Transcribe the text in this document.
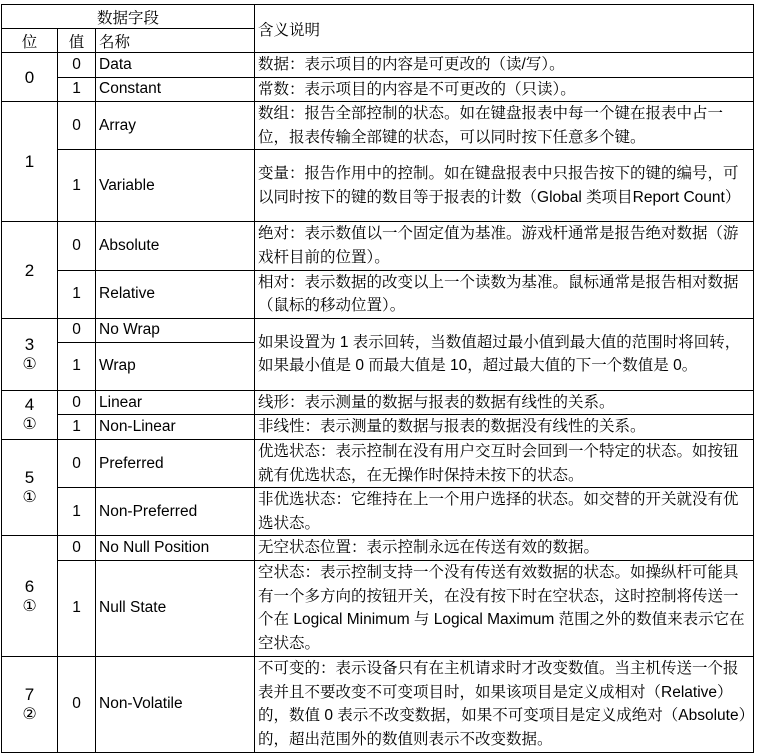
数据字段			含义说明
位	值	名称	

0	0	Data	数据：表示项目的内容是可更改的（读/写）。
	1	Constant	常数：表示项目的内容是不可更改的（只读）。

1	0	Array	数组：报告全部控制的状态。如在键盘报表中每一个键在报表中占一位，报表传输全部键的状态，可以同时按下任意多个键。
	1	Variable	变量：报告作用中的控制。如在键盘报表中只报告按下的键的编号，可以同时按下的键的数目等于报表的计数（Global 类项目Report Count）

2	0	Absolute	绝对：表示数值以一个固定值为基准。游戏杆通常是报告绝对数据（游戏杆目前的位置）。
	1	Relative	相对：表示数据的改变以上一个读数为基准。鼠标通常是报告相对数据（鼠标的移动位置）。

3
①	0	No Wrap	如果设置为 1 表示回转，当数值超过最小值到最大值的范围时将回转，如果最小值是 0 而最大值是 10，超过最大值的下一个数值是 0。
	1	Wrap	

4
①	0	Linear	线形：表示测量的数据与报表的数据有线性的关系。
	1	Non-Linear	非线性：表示测量的数据与报表的数据没有线性的关系。

5
①	0	Preferred	优选状态：表示控制在没有用户交互时会回到一个特定的状态。如按钮就有优选状态，在无操作时保持未按下的状态。
	1	Non-Preferred	非优选状态：它维持在上一个用户选择的状态。如交替的开关就没有优选状态。

6
①	0	No Null Position	无空状态位置：表示控制永远在传送有效的数据。
	1	Null State	空状态：表示控制支持一个没有传送有效数据的状态。如操纵杆可能具有一个多方向的按钮开关，在没有按下时在空状态，这时控制将传送一个在 Logical Minimum 与 Logical Maximum 范围之外的数值来表示它在空状态。

7
②	0	Non-Volatile	不可变的：表示设备只有在主机请求时才改变数值。当主机传送一个报表并且不要改变不可变项目时，如果该项目是定义成相对（Relative）的，数值 0 表示不改变数据，如果不可变项目是定义成绝对（Absolute）的，超出范围外的数值则表示不改变数据。
